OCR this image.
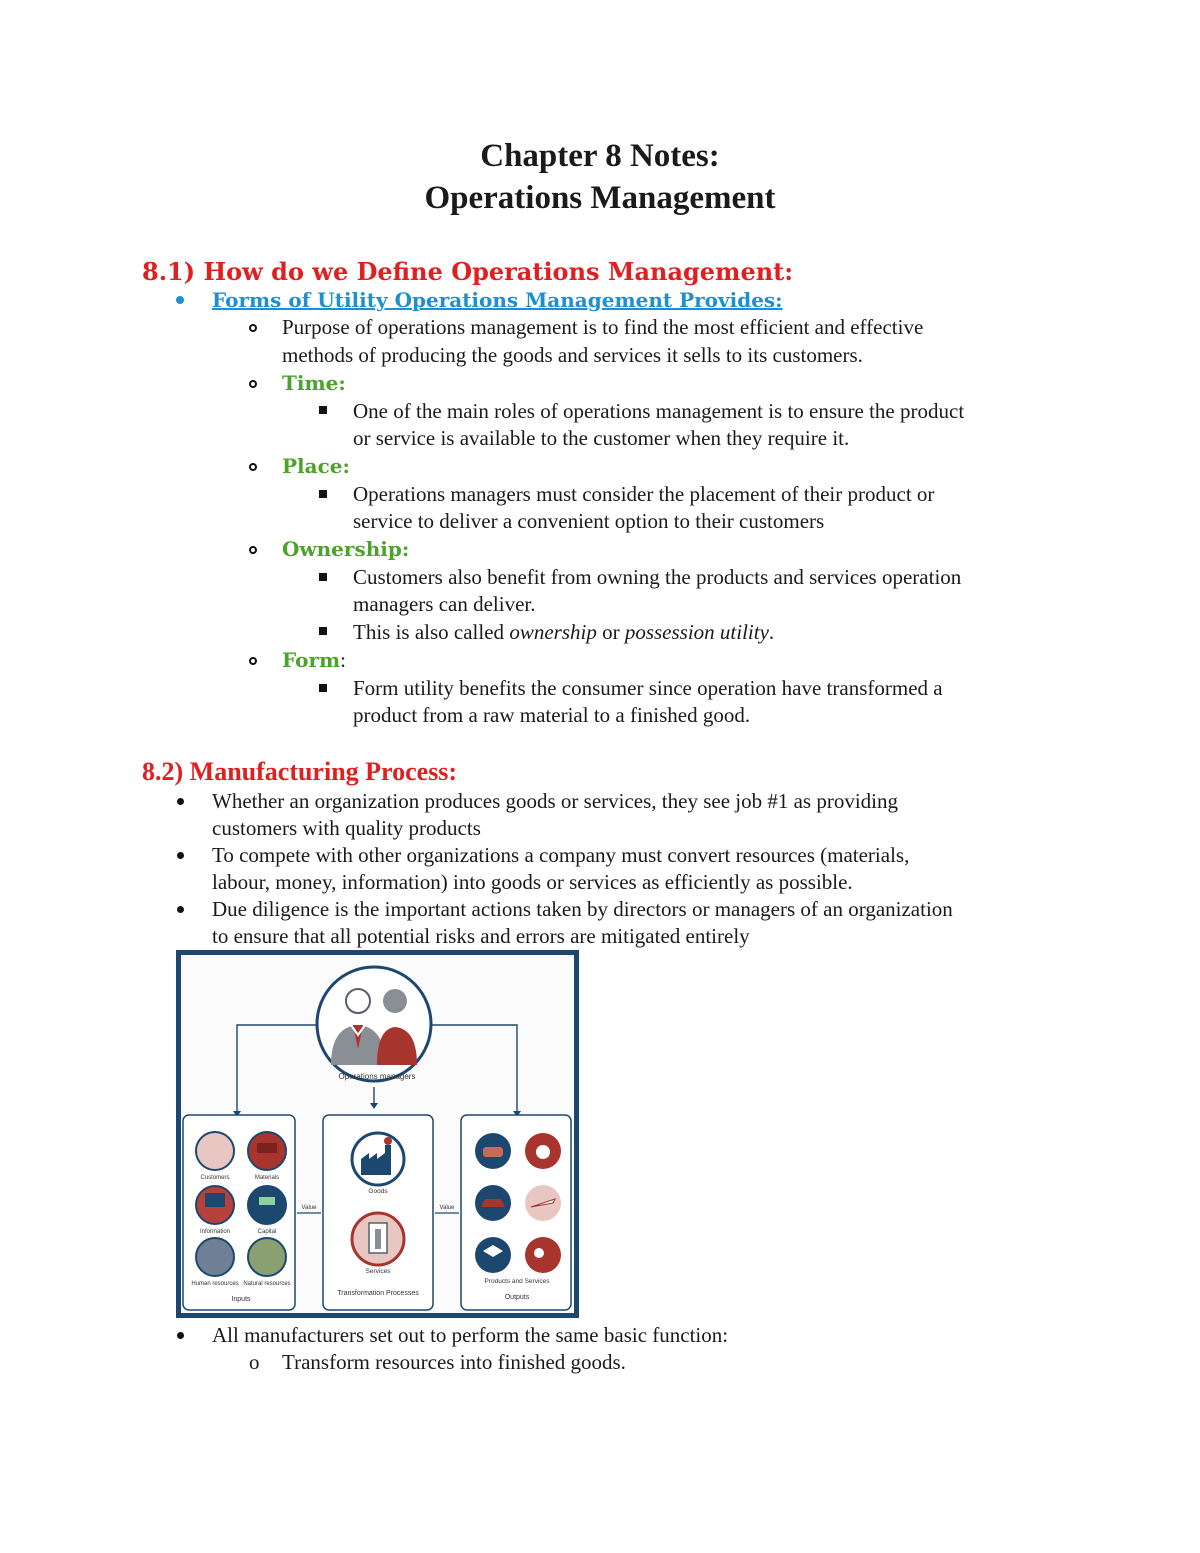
Chapter 8 Notes:
Operations Management
8.1) How do we Define Operations Management:
Forms of Utility Operations Management Provides:
Purpose of operations management is to find the most efficient and effective
methods of producing the goods and services it sells to its customers.
Time:
One of the main roles of operations management is to ensure the product
or service is available to the customer when they require it.
Place:
Operations managers must consider the placement of their product or
service to deliver a convenient option to their customers
Ownership:
Customers also benefit from owning the products and services operation
managers can deliver.
This is also called ownership or possession utility.
Form:
Form utility benefits the consumer since operation have transformed a
product from a raw material to a finished good.
8.2) Manufacturing Process:
Whether an organization produces goods or services, they see job #1 as providing
customers with quality products
To compete with other organizations a company must convert resources (materials,
labour, money, information) into goods or services as efficiently as possible.
Due diligence is the important actions taken by directors or managers of an organization
to ensure that all potential risks and errors are mitigated entirely
Operations managers
Value	Value
Customers	Materials
Information	Capital
Human resources Natural resources
Inputs
Goods
Services
Transformation Processes
Products and Services
Outputs
All manufacturers set out to perform the same basic function:
o Transform resources into finished goods.
